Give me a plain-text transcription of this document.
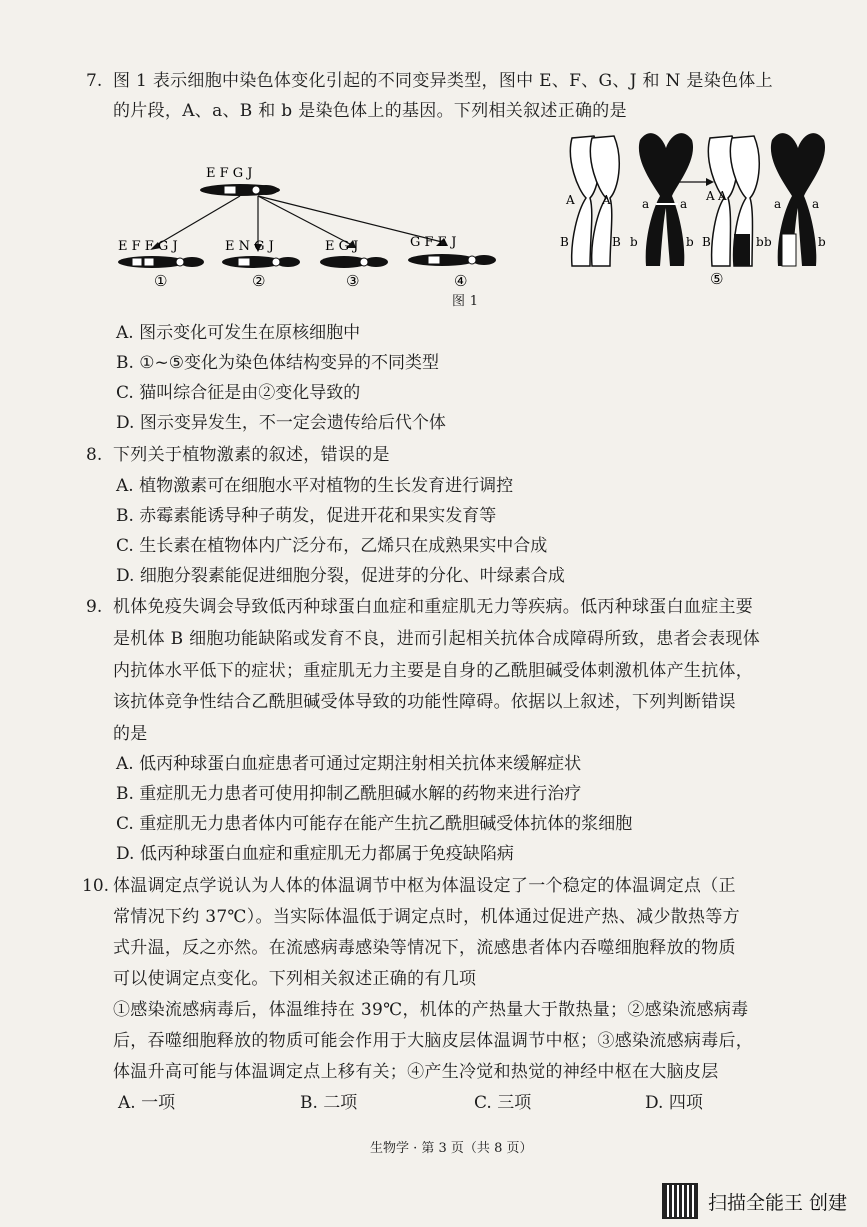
7. 图 1 表示细胞中染色体变化引起的不同变异类型，图中 E、F、G、J 和 N 是染色体上
的片段，A、a、B 和 b 是染色体上的基因。下列相关叙述正确的是
E F G J
E F F G J
①
E N G J
②
E G J
③
G F E J
④
A A
B	B
a	a
b	b
A A
B	b
a	a
b	b
⑤
图 1
A. 图示变化可发生在原核细胞中
B. ①~⑤变化为染色体结构变异的不同类型
C. 猫叫综合征是由②变化导致的
D. 图示变异发生，不一定会遗传给后代个体
8. 下列关于植物激素的叙述，错误的是
A. 植物激素可在细胞水平对植物的生长发育进行调控
B. 赤霉素能诱导种子萌发，促进开花和果实发育等
C. 生长素在植物体内广泛分布，乙烯只在成熟果实中合成
D. 细胞分裂素能促进细胞分裂，促进芽的分化、叶绿素合成
9. 机体免疫失调会导致低丙种球蛋白血症和重症肌无力等疾病。低丙种球蛋白血症主要
是机体 B 细胞功能缺陷或发育不良，进而引起相关抗体合成障碍所致，患者会表现体
内抗体水平低下的症状；重症肌无力主要是自身的乙酰胆碱受体刺激机体产生抗体，
该抗体竞争性结合乙酰胆碱受体导致的功能性障碍。依据以上叙述，下列判断错误
的是
A. 低丙种球蛋白血症患者可通过定期注射相关抗体来缓解症状
B. 重症肌无力患者可使用抑制乙酰胆碱水解的药物来进行治疗
C. 重症肌无力患者体内可能存在能产生抗乙酰胆碱受体抗体的浆细胞
D. 低丙种球蛋白血症和重症肌无力都属于免疫缺陷病
10. 体温调定点学说认为人体的体温调节中枢为体温设定了一个稳定的体温调定点（正
常情况下约 37℃）。当实际体温低于调定点时，机体通过促进产热、减少散热等方
式升温，反之亦然。在流感病毒感染等情况下，流感患者体内吞噬细胞释放的物质
可以使调定点变化。下列相关叙述正确的有几项
①感染流感病毒后，体温维持在 39℃，机体的产热量大于散热量；②感染流感病毒
后，吞噬细胞释放的物质可能会作用于大脑皮层体温调节中枢；③感染流感病毒后，
体温升高可能与体温调定点上移有关；④产生冷觉和热觉的神经中枢在大脑皮层
A. 一项	B. 二项	C. 三项	D. 四项
生物学 · 第 3 页（共 8 页）
扫描全能王 创建
